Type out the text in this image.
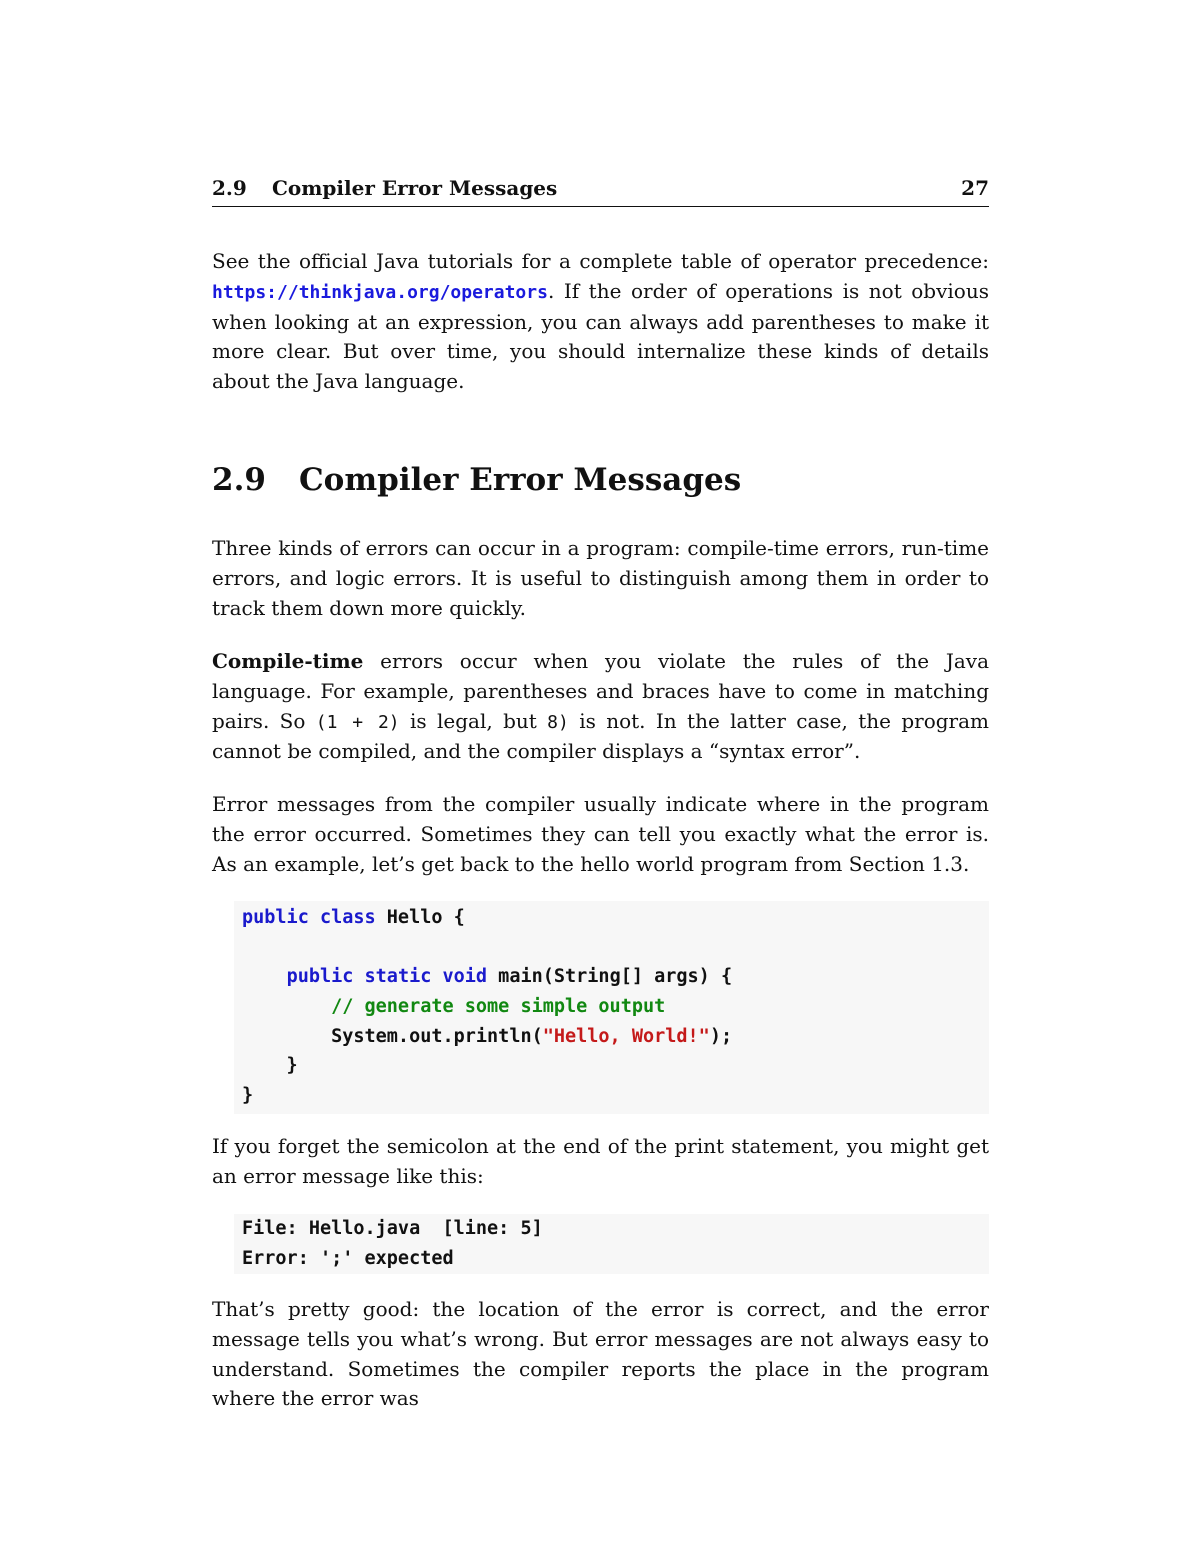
2.9 Compiler Error Messages	27

See the official Java tutorials for a complete table of operator precedence: https://thinkjava.org/operators. If the order of operations is not obvious when looking at an expression, you can always add parentheses to make it more clear. But over time, you should internalize these kinds of details about the Java language.

2.9 Compiler Error Messages

Three kinds of errors can occur in a program: compile-time errors, run-time errors, and logic errors. It is useful to distinguish among them in order to track them down more quickly.

Compile-time errors occur when you violate the rules of the Java language. For example, parentheses and braces have to come in matching pairs. So (1 + 2) is legal, but 8) is not. In the latter case, the program cannot be compiled, and the compiler displays a “syntax error”.

Error messages from the compiler usually indicate where in the program the error occurred. Sometimes they can tell you exactly what the error is. As an example, let’s get back to the hello world program from Section 1.3.

public class Hello {

public static void main(String[] args) {
// generate some simple output
System.out.println("Hello, World!");
}
}

If you forget the semicolon at the end of the print statement, you might get an error message like this:

File: Hello.java  [line: 5]
Error: ';' expected

That’s pretty good: the location of the error is correct, and the error message tells you what’s wrong. But error messages are not always easy to understand. Sometimes the compiler reports the place in the program where the error was
